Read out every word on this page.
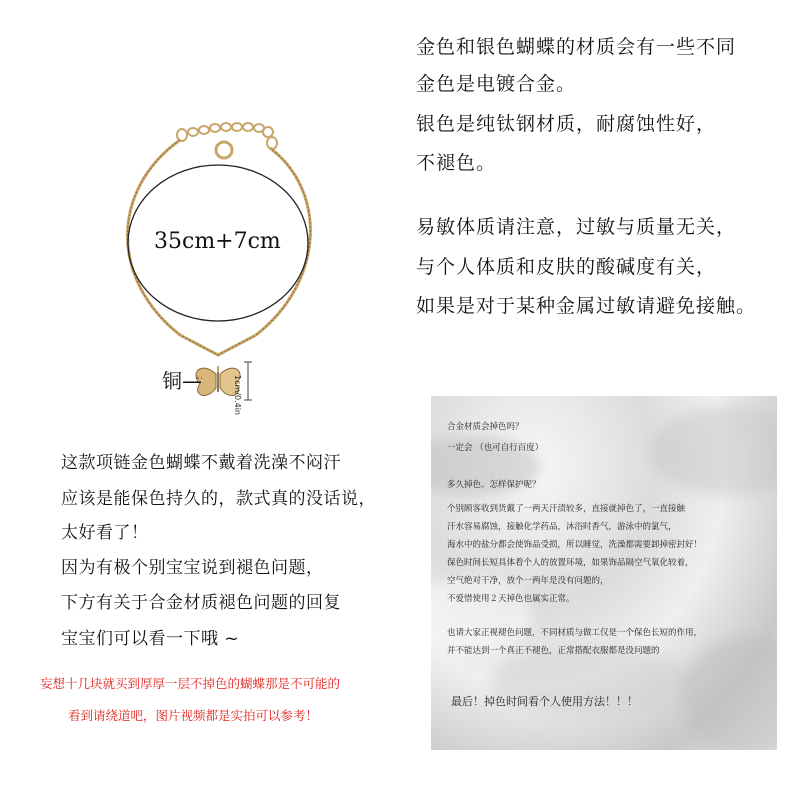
35cm+7cm
铜—	1cm/0.4in
金色和银色蝴蝶的材质会有一些不同
金色是电镀合金。
银色是纯钛钢材质，耐腐蚀性好，
不褪色。
易敏体质请注意，过敏与质量无关，
与个人体质和皮肤的酸碱度有关，
如果是对于某种金属过敏请避免接触。
这款项链金色蝴蝶不戴着洗澡不闷汗
应该是能保色持久的，款式真的没话说，
太好看了！
因为有极个别宝宝说到褪色问题，
下方有关于合金材质褪色问题的回复
宝宝们可以看一下哦 ~
妄想十几块就买到厚厚一层不掉色的蝴蝶那是不可能的
看到请绕道吧，图片视频都是实拍可以参考！
合金材质会掉色吗？
一定会 （也可自行百度）
多久掉色、怎样保护呢？
个别顾客收到货戴了一两天汗渍较多，直接就掉色了，一直接触
汗水容易腐蚀，接触化学药品，沐浴时香气，游泳中的氯气，
海水中的盐分都会使饰品受损，所以睡觉，洗澡都需要卸掉密封好！
保色时间长短具体看个人的放置环境，如果饰品隔空气氧化较着，
空气绝对干净，放个一两年是没有问题的，
不爱惜使用２天掉色也属实正常。
也请大家正视褪色问题，不同材质与做工仅是一个保色长短的作用，
并不能达到一个真正不褪色，正常搭配衣服都是没问题的
最后！掉色时间看个人使用方法！！！
